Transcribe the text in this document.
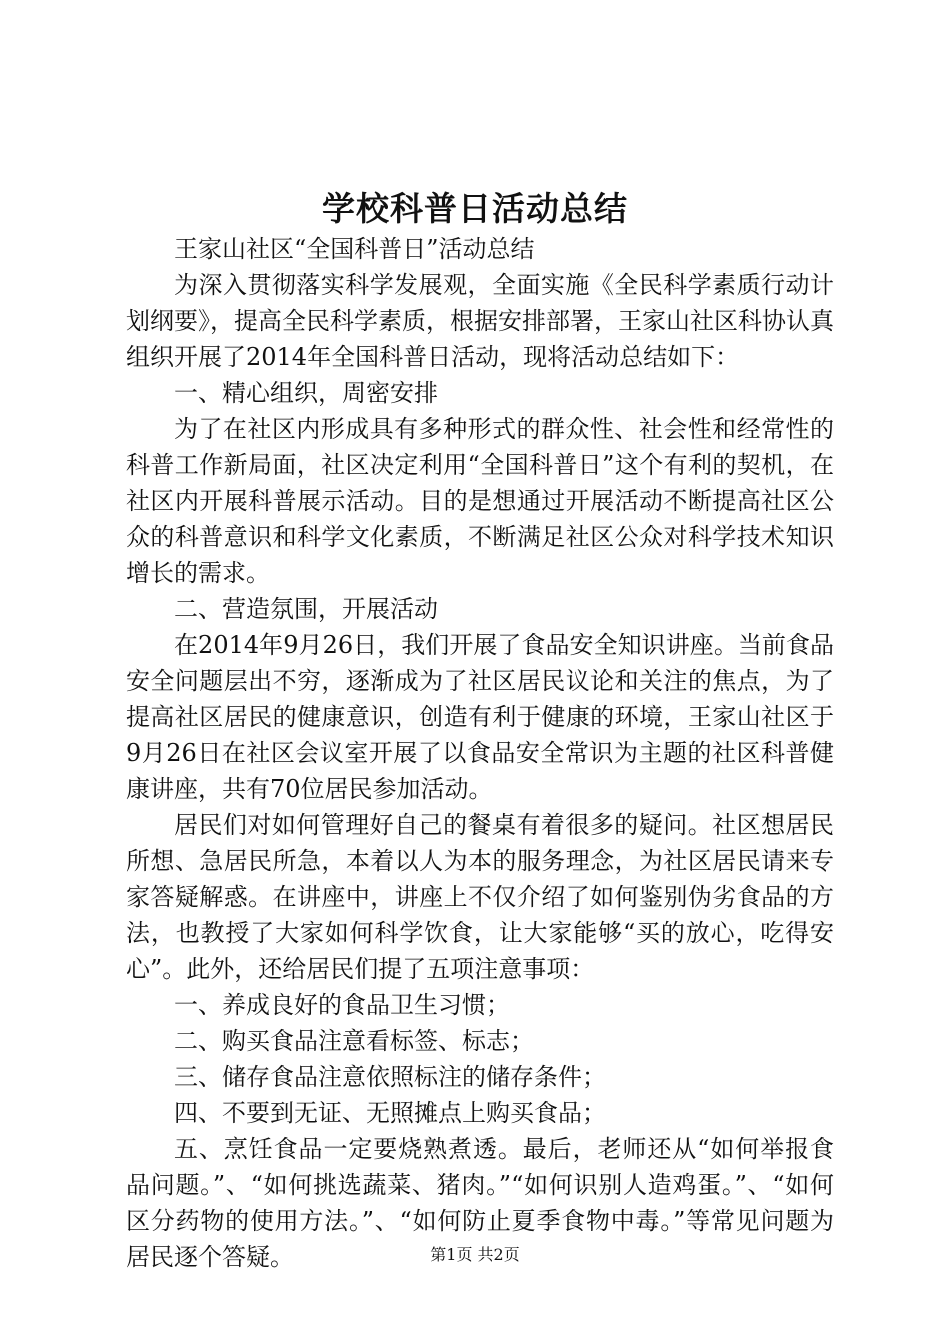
学校科普日活动总结

王家山社区“全国科普日”活动总结

为深入贯彻落实科学发展观，全面实施《全民科学素质行动计划纲要》，提高全民科学素质，根据安排部署，王家山社区科协认真组织开展了2014年全国科普日活动，现将活动总结如下：

一、精心组织，周密安排

为了在社区内形成具有多种形式的群众性、社会性和经常性的科普工作新局面，社区决定利用“全国科普日”这个有利的契机，在社区内开展科普展示活动。目的是想通过开展活动不断提高社区公众的科普意识和科学文化素质，不断满足社区公众对科学技术知识增长的需求。

二、营造氛围，开展活动

在2014年9月26日，我们开展了食品安全知识讲座。当前食品安全问题层出不穷，逐渐成为了社区居民议论和关注的焦点，为了提高社区居民的健康意识，创造有利于健康的环境，王家山社区于9月26日在社区会议室开展了以食品安全常识为主题的社区科普健康讲座，共有70位居民参加活动。

居民们对如何管理好自己的餐桌有着很多的疑问。社区想居民所想、急居民所急，本着以人为本的服务理念，为社区居民请来专家答疑解惑。在讲座中，讲座上不仅介绍了如何鉴别伪劣食品的方法，也教授了大家如何科学饮食，让大家能够“买的放心，吃得安心”。此外，还给居民们提了五项注意事项：

一、养成良好的食品卫生习惯；

二、购买食品注意看标签、标志；

三、储存食品注意依照标注的储存条件；

四、不要到无证、无照摊点上购买食品；

五、烹饪食品一定要烧熟煮透。最后，老师还从“如何举报食品问题。”、“如何挑选蔬菜、猪肉。”“如何识别人造鸡蛋。”、“如何区分药物的使用方法。”、“如何防止夏季食物中毒。”等常见问题为居民逐个答疑。	第1页 共2页
